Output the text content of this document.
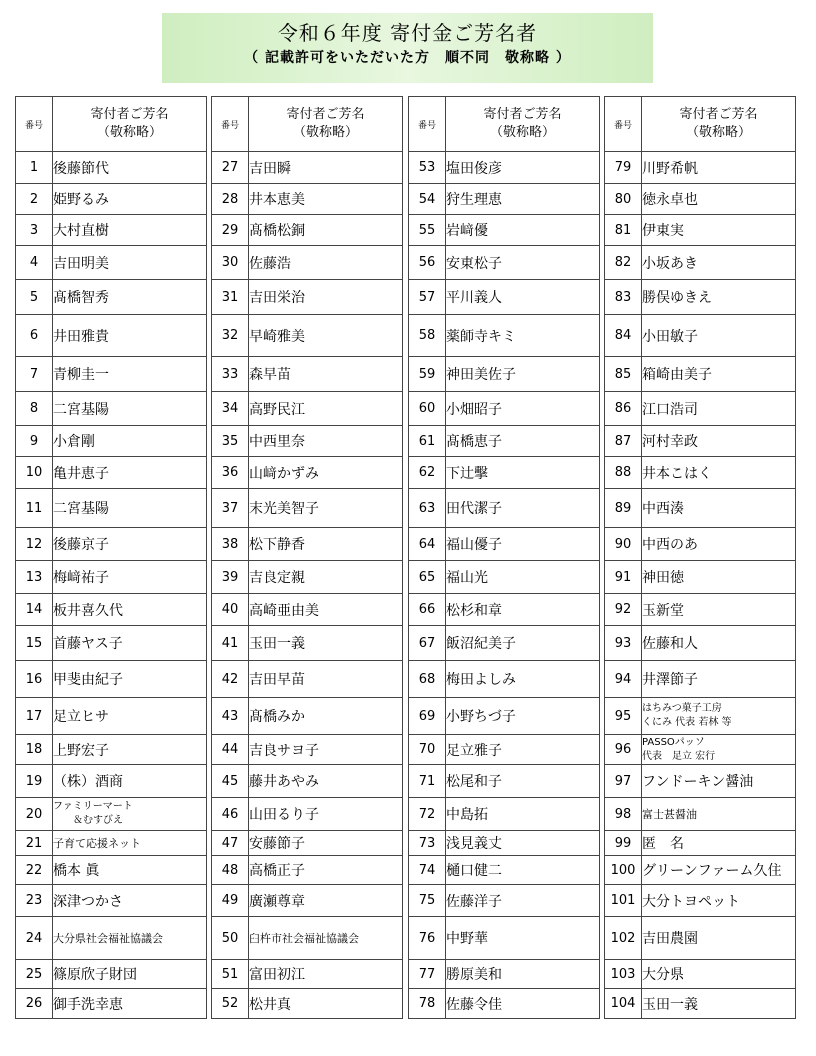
令和６年度 寄付金ご芳名者
（ 記載許可をいただいた方　順不同　敬称略 ）
番号	寄付者ご芳名
（敬称略）

1	後藤節代
2	姫野るみ
3	大村直樹
4	吉田明美
5	髙橋智秀
6	井田雅貴
7	青柳圭一
8	二宮基陽
9	小倉剛
10	亀井恵子
11	二宮基陽
12	後藤京子
13	梅﨑祐子
14	板井喜久代
15	首藤ヤス子
16	甲斐由紀子
17	足立ヒサ
18	上野宏子
19	（株）酒商
20	ファミリーマート
　　＆むすびえ

21	子育て応援ネット
22	橋本 眞
23	深津つかさ
24	大分県社会福祉協議会
25	篠原欣子財団
26	御手洗幸恵
番号	寄付者ご芳名
（敬称略）

27	吉田瞬
28	井本恵美
29	髙橋松銅
30	佐藤浩
31	吉田栄治
32	早崎雅美
33	森早苗
34	高野民江
35	中西里奈
36	山﨑かずみ
37	末光美智子
38	松下静香
39	吉良定親
40	高崎亜由美
41	玉田一義
42	吉田早苗
43	髙橋みか
44	吉良サヨ子
45	藤井あやみ
46	山田るり子
47	安藤節子
48	高橋正子
49	廣瀬尊章
50	臼杵市社会福祉協議会
51	富田初江
52	松井真
番号	寄付者ご芳名
（敬称略）

53	塩田俊彦
54	狩生理恵
55	岩﨑優
56	安東松子
57	平川義人
58	薬師寺キミ
59	神田美佐子
60	小畑昭子
61	髙橋恵子
62	下辻擊
63	田代潔子
64	福山優子
65	福山光
66	松杉和章
67	飯沼紀美子
68	梅田よしみ
69	小野ちづ子
70	足立雅子
71	松尾和子
72	中島拓
73	浅見義丈
74	樋口健二
75	佐藤洋子
76	中野華
77	勝原美和
78	佐藤令佳
番号	寄付者ご芳名
（敬称略）

79	川野希帆
80	徳永卓也
81	伊東実
82	小坂あき
83	勝俣ゆきえ
84	小田敏子
85	箱崎由美子
86	江口浩司
87	河村幸政
88	井本こはく
89	中西湊
90	中西のあ
91	神田徳
92	玉新堂
93	佐藤和人
94	井澤節子
95	はちみつ菓子工房
くにみ 代表 若林 等

96	PASSOパッソ
代表　足立 宏行

97	フンドーキン醤油
98	富士甚醤油
99	匿　名
100	グリーンファーム久住
101	大分トヨペット
102	吉田農園
103	大分県
104	玉田一義
